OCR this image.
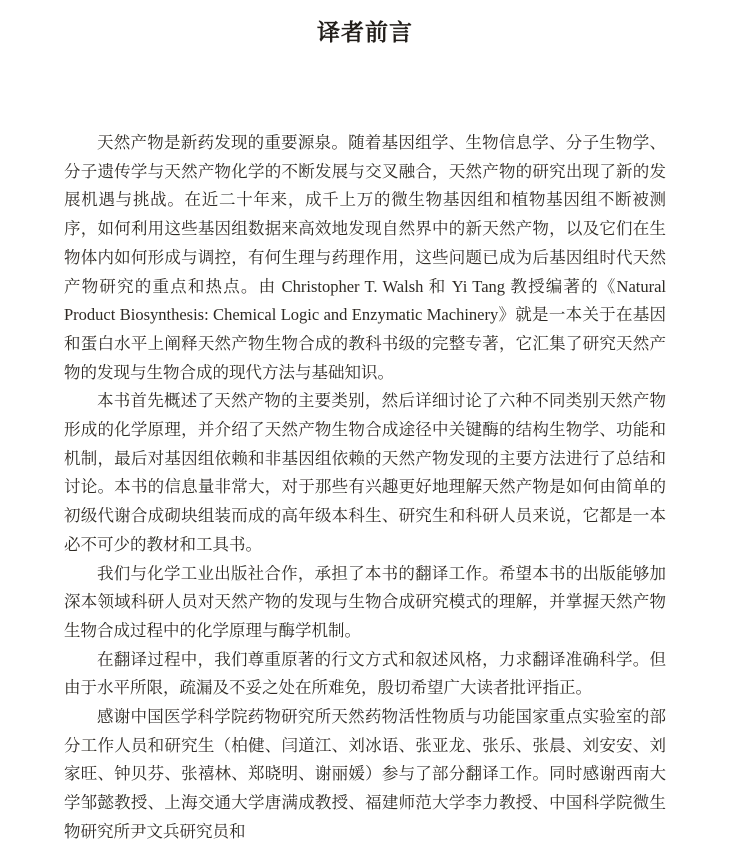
译者前言

天然产物是新药发现的重要源泉。随着基因组学、生物信息学、分子生物学、分子遗传学与天然产物化学的不断发展与交叉融合，天然产物的研究出现了新的发展机遇与挑战。在近二十年来，成千上万的微生物基因组和植物基因组不断被测序，如何利用这些基因组数据来高效地发现自然界中的新天然产物，以及它们在生物体内如何形成与调控，有何生理与药理作用，这些问题已成为后基因组时代天然产物研究的重点和热点。由 Christopher T. Walsh 和 Yi Tang 教授编著的《Natural Product Biosynthesis: Chemical Logic and Enzymatic Machinery》就是一本关于在基因和蛋白水平上阐释天然产物生物合成的教科书级的完整专著，它汇集了研究天然产物的发现与生物合成的现代方法与基础知识。

本书首先概述了天然产物的主要类别，然后详细讨论了六种不同类别天然产物形成的化学原理，并介绍了天然产物生物合成途径中关键酶的结构生物学、功能和机制，最后对基因组依赖和非基因组依赖的天然产物发现的主要方法进行了总结和讨论。本书的信息量非常大，对于那些有兴趣更好地理解天然产物是如何由简单的初级代谢合成砌块组装而成的高年级本科生、研究生和科研人员来说，它都是一本必不可少的教材和工具书。

我们与化学工业出版社合作，承担了本书的翻译工作。希望本书的出版能够加深本领域科研人员对天然产物的发现与生物合成研究模式的理解，并掌握天然产物生物合成过程中的化学原理与酶学机制。

在翻译过程中，我们尊重原著的行文方式和叙述风格，力求翻译准确科学。但由于水平所限，疏漏及不妥之处在所难免，殷切希望广大读者批评指正。

感谢中国医学科学院药物研究所天然药物活性物质与功能国家重点实验室的部分工作人员和研究生（柏健、闫道江、刘冰语、张亚龙、张乐、张晨、刘安安、刘家旺、钟贝芬、张禧林、郑晓明、谢丽媛）参与了部分翻译工作。同时感谢西南大学邹懿教授、上海交通大学唐满成教授、福建师范大学李力教授、中国科学院微生物研究所尹文兵研究员和
